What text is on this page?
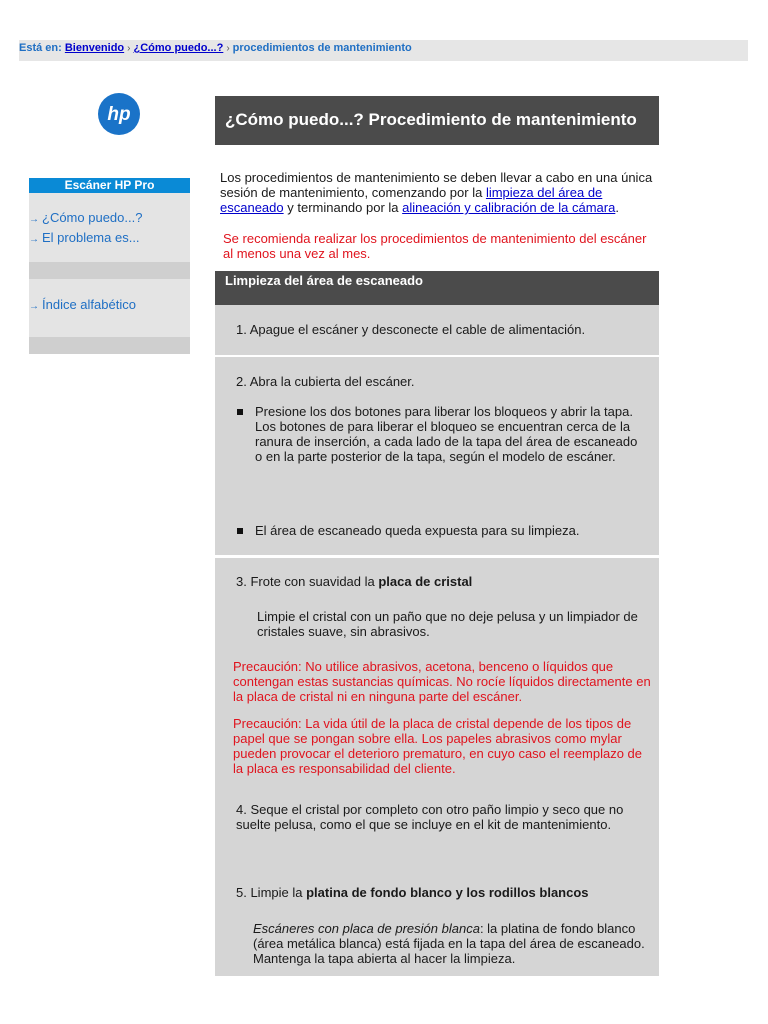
Está en: Bienvenido › ¿Cómo puedo...? › procedimientos de mantenimiento
hp
Escáner HP Pro
→ ¿Cómo puedo...?
→ El problema es...
→ Índice alfabético
¿Cómo puedo...? Procedimiento de mantenimiento
Los procedimientos de mantenimiento se deben llevar a cabo en una única sesión de mantenimiento, comenzando por la limpieza del área de escaneado y terminando por la alineación y calibración de la cámara.
Se recomienda realizar los procedimientos de mantenimiento del escáner al menos una vez al mes.
Limpieza del área de escaneado
1. Apague el escáner y desconecte el cable de alimentación.
2. Abra la cubierta del escáner.
Presione los dos botones para liberar los bloqueos y abrir la tapa. Los botones de para liberar el bloqueo se encuentran cerca de la ranura de inserción, a cada lado de la tapa del área de escaneado o en la parte posterior de la tapa, según el modelo de escáner.
El área de escaneado queda expuesta para su limpieza.
3. Frote con suavidad la placa de cristal
Limpie el cristal con un paño que no deje pelusa y un limpiador de cristales suave, sin abrasivos.
Precaución: No utilice abrasivos, acetona, benceno o líquidos que contengan estas sustancias químicas. No rocíe líquidos directamente en la placa de cristal ni en ninguna parte del escáner.
Precaución: La vida útil de la placa de cristal depende de los tipos de papel que se pongan sobre ella. Los papeles abrasivos como mylar pueden provocar el deterioro prematuro, en cuyo caso el reemplazo de la placa es responsabilidad del cliente.
4. Seque el cristal por completo con otro paño limpio y seco que no suelte pelusa, como el que se incluye en el kit de mantenimiento.
5. Limpie la platina de fondo blanco y los rodillos blancos
Escáneres con placa de presión blanca: la platina de fondo blanco (área metálica blanca) está fijada en la tapa del área de escaneado. Mantenga la tapa abierta al hacer la limpieza.
